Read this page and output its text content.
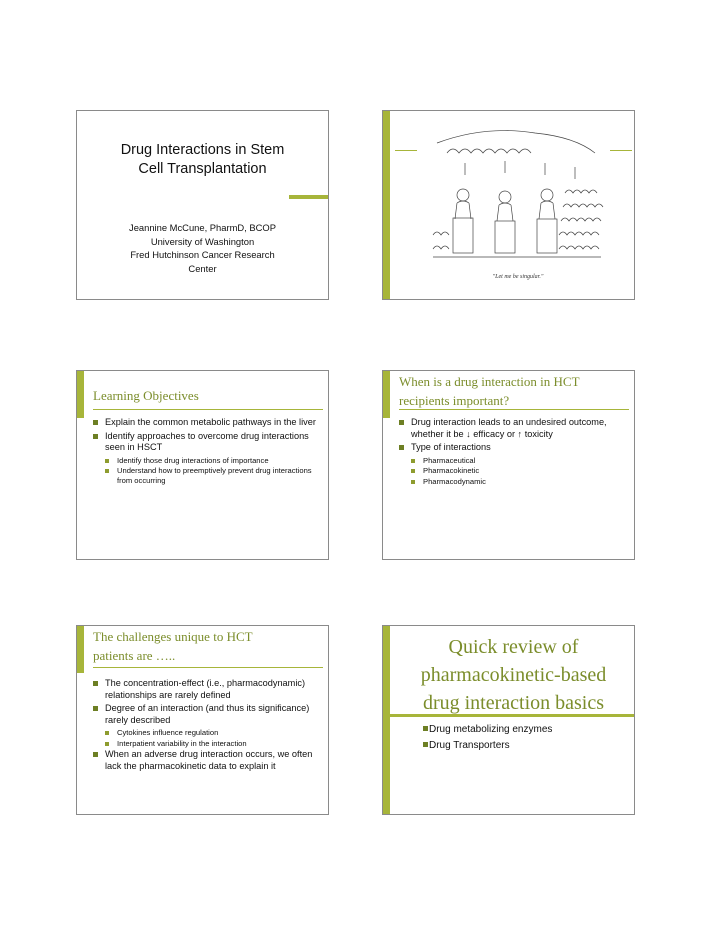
Drug Interactions in Stem
Cell Transplantation
Jeannine McCune, PharmD, BCOP
University of Washington
Fred Hutchinson Cancer Research
Center
"Let me be singular."
Learning Objectives
Explain the common metabolic pathways in the liver
Identify approaches to overcome drug interactions seen in HSCT
Identify those drug interactions of importance
Understand how to preemptively prevent drug interactions from occurring
When is a drug interaction in HCT
recipients important?
Drug interaction leads to an undesired outcome, whether it be ↓ efficacy or ↑ toxicity
Type of interactions
Pharmaceutical
Pharmacokinetic
Pharmacodynamic
The challenges unique to HCT
patients are …..
The concentration-effect (i.e., pharmacodynamic) relationships are rarely defined
Degree of an interaction (and thus its significance) rarely described
Cytokines influence regulation
Interpatient variability in the interaction
When an adverse drug interaction occurs, we often lack the pharmacokinetic data to explain it
Quick review of
pharmacokinetic-based
drug interaction basics
Drug metabolizing enzymes
Drug Transporters
